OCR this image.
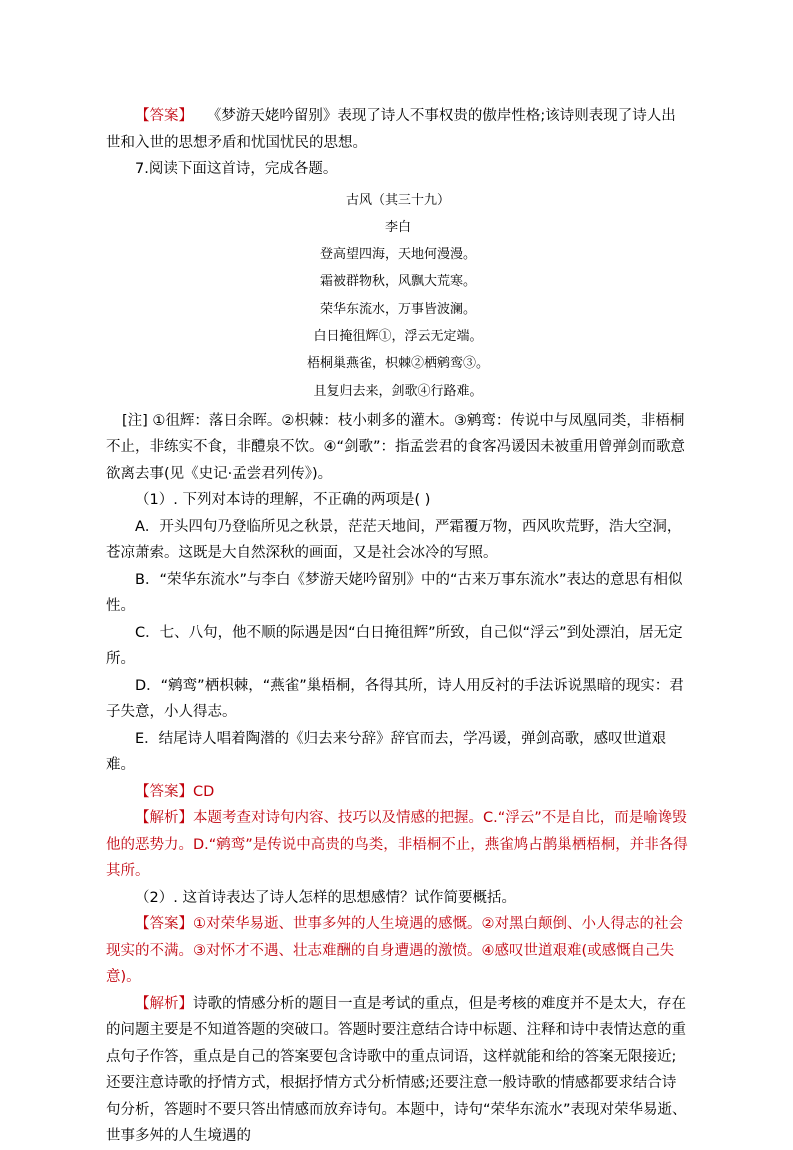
【答案】 《梦游天姥吟留别》表现了诗人不事权贵的傲岸性格;该诗则表现了诗人出世和入世的思想矛盾和忧国忧民的思想。

7.阅读下面这首诗，完成各题。

古风（其三十九）
李白
登高望四海，天地何漫漫。
霜被群物秋，风飘大荒寒。
荣华东流水，万事皆波澜。
白日掩徂辉①，浮云无定端。
梧桐巢燕雀，枳棘②栖鹓鸾③。
且复归去来，剑歌④行路难。

[注] ①徂辉：落日余晖。②枳棘：枝小刺多的灌木。③鹓鸾：传说中与凤凰同类，非梧桐不止，非练实不食，非醴泉不饮。④“剑歌”：指孟尝君的食客冯谖因未被重用曾弹剑而歌意欲离去事(见《史记·孟尝君列传》)。

（1）. 下列对本诗的理解，不正确的两项是( )

A．开头四句乃登临所见之秋景，茫茫天地间，严霜覆万物，西风吹荒野，浩大空洞，苍凉萧索。这既是大自然深秋的画面，又是社会冰冷的写照。

B．“荣华东流水”与李白《梦游天姥吟留别》中的“古来万事东流水”表达的意思有相似性。

C．七、八句，他不顺的际遇是因“白日掩徂辉”所致，自己似“浮云”到处漂泊，居无定所。

D．“鹓鸾”栖枳棘，“燕雀”巢梧桐，各得其所，诗人用反衬的手法诉说黑暗的现实：君子失意，小人得志。

E．结尾诗人唱着陶潜的《归去来兮辞》辞官而去，学冯谖，弹剑高歌，感叹世道艰难。

【答案】CD

【解析】本题考查对诗句内容、技巧以及情感的把握。C.“浮云”不是自比，而是喻谗毁他的恶势力。D.“鹓鸾”是传说中高贵的鸟类，非梧桐不止，燕雀鸠占鹊巢栖梧桐，并非各得其所。

（2）. 这首诗表达了诗人怎样的思想感情？试作简要概括。

【答案】①对荣华易逝、世事多舛的人生境遇的感慨。②对黑白颠倒、小人得志的社会现实的不满。③对怀才不遇、壮志难酬的自身遭遇的激愤。④感叹世道艰难(或感慨自己失意)。

【解析】诗歌的情感分析的题目一直是考试的重点，但是考核的难度并不是太大，存在的问题主要是不知道答题的突破口。答题时要注意结合诗中标题、注释和诗中表情达意的重点句子作答，重点是自己的答案要包含诗歌中的重点词语，这样就能和给的答案无限接近;还要注意诗歌的抒情方式，根据抒情方式分析情感;还要注意一般诗歌的情感都要求结合诗句分析，答题时不要只答出情感而放弃诗句。本题中，诗句“荣华东流水”表现对荣华易逝、世事多舛的人生境遇的
